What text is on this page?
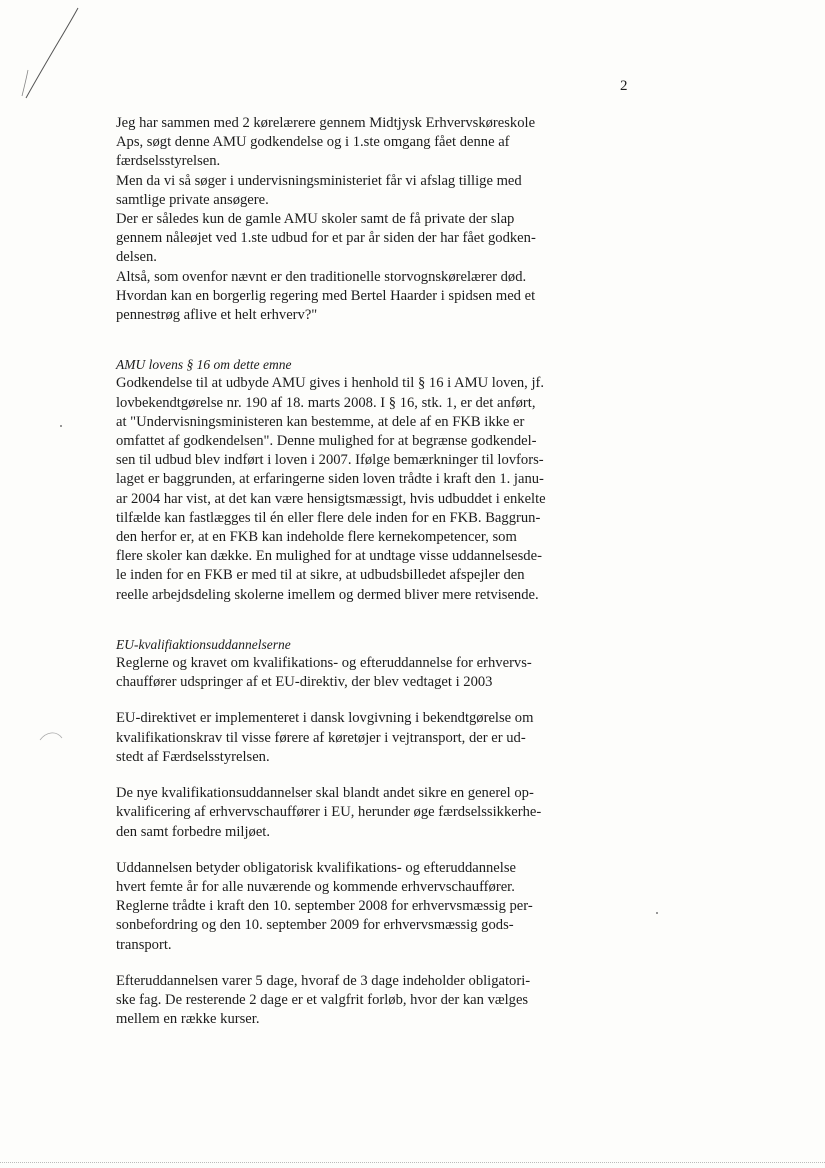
2

Jeg har sammen med 2 kørelærere gennem Midtjysk Erhvervskøreskole

Aps, søgt denne AMU godkendelse og i 1.ste omgang fået denne af

færdselsstyrelsen.

Men da vi så søger i undervisningsministeriet får vi afslag tillige med

samtlige private ansøgere.

Der er således kun de gamle AMU skoler samt de få private der slap

gennem nåleøjet ved 1.ste udbud for et par år siden der har fået godken-

delsen.

Altså, som ovenfor nævnt er den traditionelle storvognskørelærer død.

Hvordan kan en borgerlig regering med Bertel Haarder i spidsen med et

pennestrøg aflive et helt erhverv?"

AMU lovens § 16 om dette emne

Godkendelse til at udbyde AMU gives i henhold til § 16 i AMU loven, jf.

lovbekendtgørelse nr. 190 af 18. marts 2008. I § 16, stk. 1, er det anført,

at "Undervisningsministeren kan bestemme, at dele af en FKB ikke er

omfattet af godkendelsen". Denne mulighed for at begrænse godkendel-

sen til udbud blev indført i loven i 2007. Ifølge bemærkninger til lovfors-

laget er baggrunden, at erfaringerne siden loven trådte i kraft den 1. janu-

ar 2004 har vist, at det kan være hensigtsmæssigt, hvis udbuddet i enkelte

tilfælde kan fastlægges til én eller flere dele inden for en FKB. Baggrun-

den herfor er, at en FKB kan indeholde flere kernekompetencer, som

flere skoler kan dække. En mulighed for at undtage visse uddannelsesde-

le inden for en FKB er med til at sikre, at udbudsbilledet afspejler den

reelle arbejdsdeling skolerne imellem og dermed bliver mere retvisende.

EU-kvalifiaktionsuddannelserne

Reglerne og kravet om kvalifikations- og efteruddannelse for erhvervs-

chauffører udspringer af et EU-direktiv, der blev vedtaget i 2003

EU-direktivet er implementeret i dansk lovgivning i bekendtgørelse om

kvalifikationskrav til visse førere af køretøjer i vejtransport, der er ud-

stedt af Færdselsstyrelsen.

De nye kvalifikationsuddannelser skal blandt andet sikre en generel op-

kvalificering af erhvervschauffører i EU, herunder øge færdselssikkerhe-

den samt forbedre miljøet.

Uddannelsen betyder obligatorisk kvalifikations- og efteruddannelse

hvert femte år for alle nuværende og kommende erhvervschauffører.

Reglerne trådte i kraft den 10. september 2008 for erhvervsmæssig per-

sonbefordring og den 10. september 2009 for erhvervsmæssig gods-

transport.

Efteruddannelsen varer 5 dage, hvoraf de 3 dage indeholder obligatori-

ske fag. De resterende 2 dage er et valgfrit forløb, hvor der kan vælges

mellem en række kurser.
